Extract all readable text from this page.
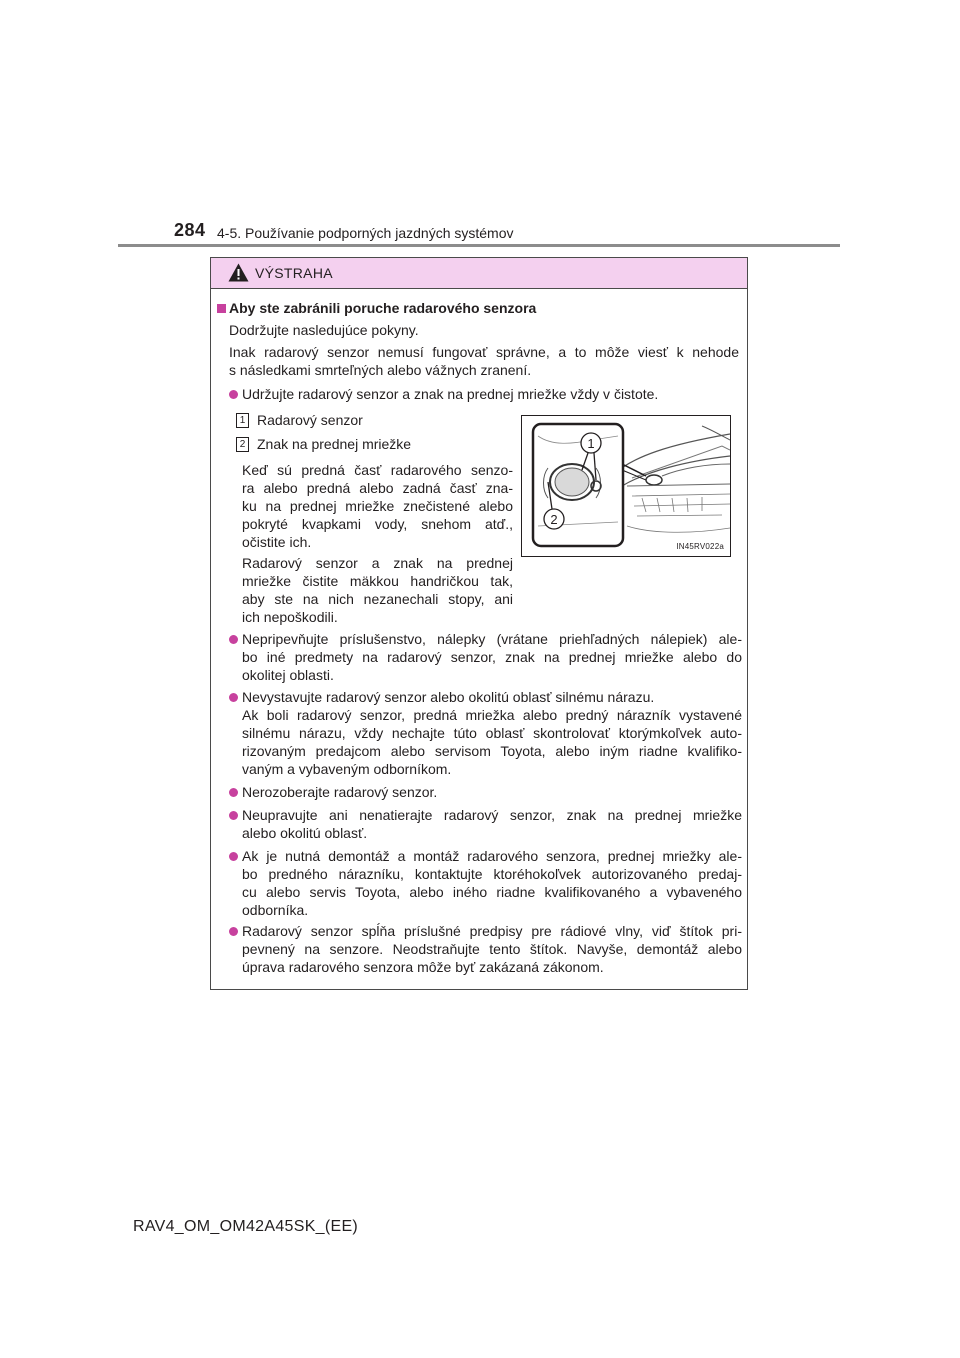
284 4-5. Používanie podporných jazdných systémov
VÝSTRAHA
Aby ste zabránili poruche radarového senzora
Dodržujte nasledujúce pokyny.
Inak radarový senzor nemusí fungovať správne, a to môže viesť k nehode
s následkami smrteľných alebo vážnych zranení.
Udržujte radarový senzor a znak na prednej mriežke vždy v čistote.
1 Radarový senzor
2 Znak na prednej mriežke
Keď sú predná časť radarového senzo-
ra alebo predná alebo zadná časť zna-
ku na prednej mriežke znečistené alebo
pokryté kvapkami vody, snehom atď.,
očistite ich.
Radarový senzor a znak na prednej
mriežke čistite mäkkou handričkou tak,
aby ste na nich nezanechali stopy, ani
ich nepoškodili.
1
2
IN45RV022a
Nepripevňujte príslušenstvo, nálepky (vrátane priehľadných nálepiek) ale-
bo iné predmety na radarový senzor, znak na prednej mriežke alebo do
okolitej oblasti.
Nevystavujte radarový senzor alebo okolitú oblasť silnému nárazu.
Ak boli radarový senzor, predná mriežka alebo predný nárazník vystavené
silnému nárazu, vždy nechajte túto oblasť skontrolovať ktorýmkoľvek auto-
rizovaným predajcom alebo servisom Toyota, alebo iným riadne kvalifiko-
vaným a vybaveným odborníkom.
Nerozoberajte radarový senzor.
Neupravujte ani nenatierajte radarový senzor, znak na prednej mriežke
alebo okolitú oblasť.
Ak je nutná demontáž a montáž radarového senzora, prednej mriežky ale-
bo predného nárazníku, kontaktujte ktoréhokoľvek autorizovaného predaj-
cu alebo servis Toyota, alebo iného riadne kvalifikovaného a vybaveného
odborníka.
Radarový senzor spĺňa príslušné predpisy pre rádiové vlny, viď štítok pri-
pevnený na senzore. Neodstraňujte tento štítok. Navyše, demontáž alebo
úprava radarového senzora môže byť zakázaná zákonom.
RAV4_OM_OM42A45SK_(EE)
